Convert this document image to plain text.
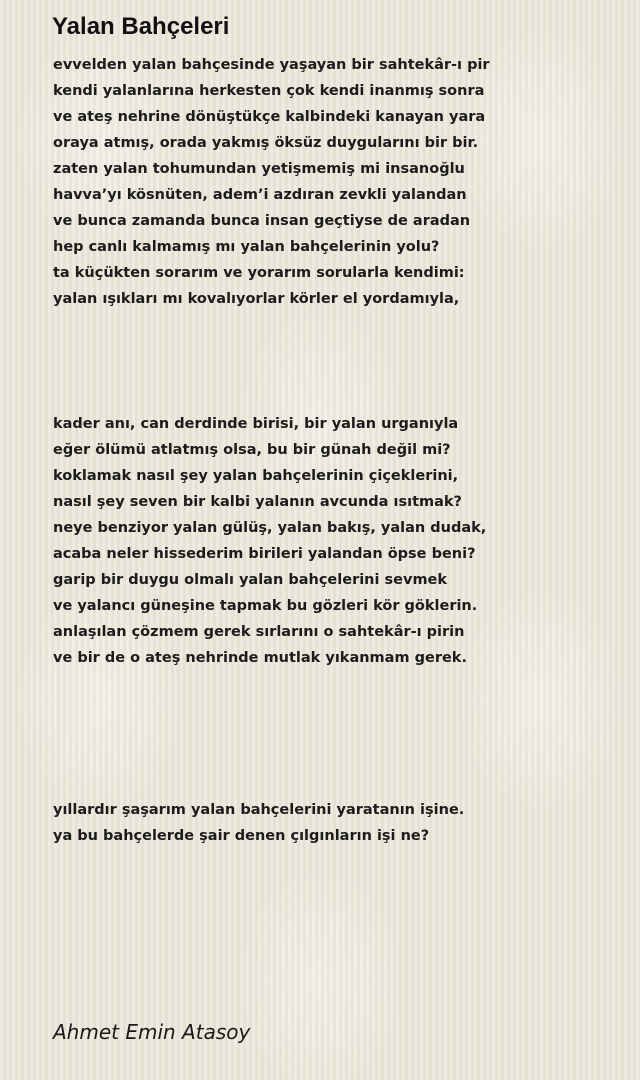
Yalan Bahçeleri
evvelden yalan bahçesinde yaşayan bir sahtekâr-ı pir
kendi yalanlarına herkesten çok kendi inanmış sonra
ve ateş nehrine dönüştükçe kalbindeki kanayan yara
oraya atmış, orada yakmış öksüz duygularını bir bir.
zaten yalan tohumundan yetişmemiş mi insanoğlu
havva’yı kösnüten, adem’i azdıran zevkli yalandan
ve bunca zamanda bunca insan geçtiyse de aradan
hep canlı kalmamış mı yalan bahçelerinin yolu?
ta küçükten sorarım ve yorarım sorularla kendimi:
yalan ışıkları mı kovalıyorlar körler el yordamıyla,
kader anı, can derdinde birisi, bir yalan urganıyla
eğer ölümü atlatmış olsa, bu bir günah değil mi?
koklamak nasıl şey yalan bahçelerinin çiçeklerini,
nasıl şey seven bir kalbi yalanın avcunda ısıtmak?
neye benziyor yalan gülüş, yalan bakış, yalan dudak,
acaba neler hissederim birileri yalandan öpse beni?
garip bir duygu olmalı yalan bahçelerini sevmek
ve yalancı güneşine tapmak bu gözleri kör göklerin.
anlaşılan çözmem gerek sırlarını o sahtekâr-ı pirin
ve bir de o ateş nehrinde mutlak yıkanmam gerek.
yıllardır şaşarım yalan bahçelerini yaratanın işine.
ya bu bahçelerde şair denen çılgınların işi ne?
Ahmet Emin Atasoy
